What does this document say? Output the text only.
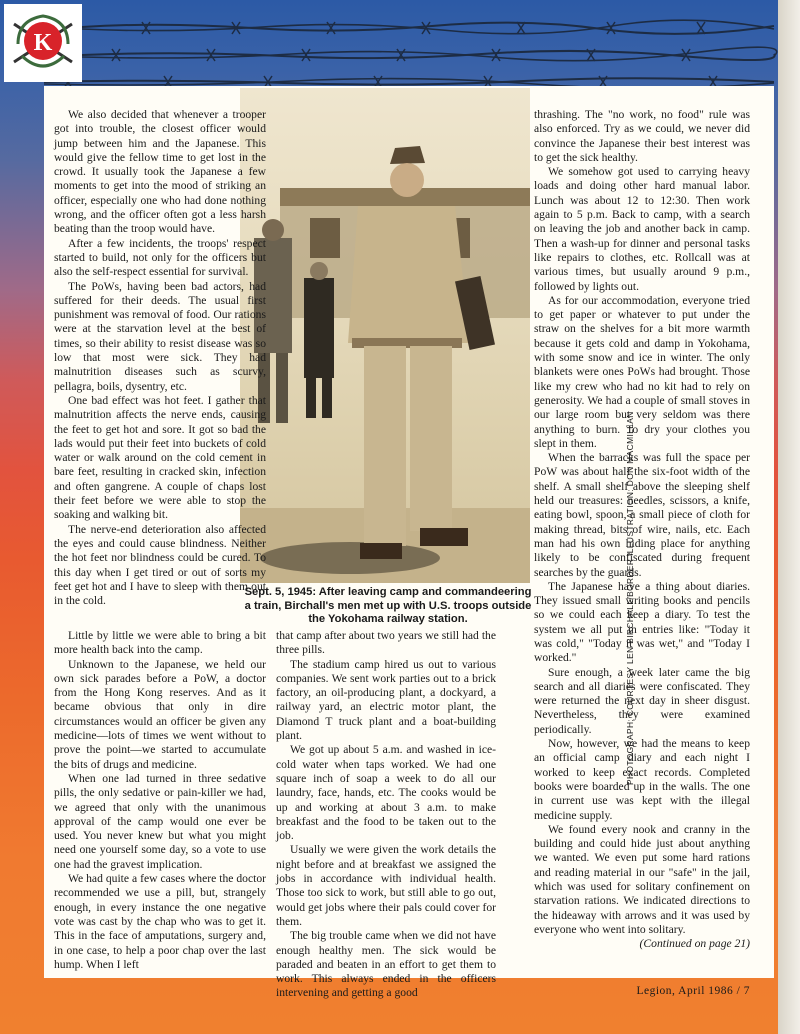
K
Sept. 5, 1945: After leaving camp and commandeering a train, Birchall's men met up with U.S. troops outside the Yokohama railway station.

We also decided that whenever a trooper got into trouble, the closest officer would jump between him and the Japanese. This would give the fellow time to get lost in the crowd. It usually took the Japanese a few moments to get into the mood of striking an officer, especially one who had done nothing wrong, and the officer often got a less harsh beating than the troop would have.

After a few incidents, the troops' respect started to build, not only for the officers but also the self-respect essential for survival.

The PoWs, having been bad actors, had suffered for their deeds. The usual first punishment was removal of food. Our rations were at the starvation level at the best of times, so their ability to resist disease was so low that most were sick. They had malnutrition diseases such as scurvy, pellagra, boils, dysentry, etc.

One bad effect was hot feet. I gather that malnutrition affects the nerve ends, causing the feet to get hot and sore. It got so bad the lads would put their feet into buckets of cold water or walk around on the cold cement in bare feet, resulting in cracked skin, infection and often gangrene. A couple of chaps lost their feet before we were able to stop the soaking and walking bit.

The nerve-end deterioration also affected the eyes and could cause blindness. Neither the hot feet nor blindness could be cured. To this day when I get tired or out of sorts my feet get hot and I have to sleep with them out in the cold.

Little by little we were able to bring a bit more health back into the camp.

Unknown to the Japanese, we held our own sick parades before a PoW, a doctor from the Hong Kong reserves. And as it became obvious that only in dire circumstances would an officer be given any medicine—lots of times we went without to prove the point—we started to accumulate the bits of drugs and medicine.

When one lad turned in three sedative pills, the only sedative or pain-killer we had, we agreed that only with the unanimous approval of the camp would one ever be used. You never knew but what you might need one yourself some day, so a vote to use one had the gravest implication.

We had quite a few cases where the doctor recommended we use a pill, but, strangely enough, in every instance the one negative vote was cast by the chap who was to get it. This in the face of amputations, surgery and, in one case, to help a poor chap over the last hump. When I left

that camp after about two years we still had the three pills.

The stadium camp hired us out to various companies. We sent work parties out to a brick factory, an oil-producing plant, a dockyard, a railway yard, an electric motor plant, the Diamond T truck plant and a boat-building plant.

We got up about 5 a.m. and washed in ice-cold water when taps worked. We had one square inch of soap a week to do all our laundry, face, hands, etc. The cooks would be up and working at about 3 a.m. to make breakfast and the food to be taken out to the job.

Usually we were given the work details the night before and at breakfast we assigned the jobs in accordance with individual health. Those too sick to work, but still able to go out, would get jobs where their pals could cover for them.

The big trouble came when we did not have enough healthy men. The sick would be paraded and beaten in an effort to get them to work. This always ended in the officers intervening and getting a good

thrashing. The "no work, no food" rule was also enforced. Try as we could, we never did convince the Japanese their best interest was to get the sick healthy.

We somehow got used to carrying heavy loads and doing other hard manual labor. Lunch was about 12 to 12:30. Then work again to 5 p.m. Back to camp, with a search on leaving the job and another back in camp. Then a wash-up for dinner and personal tasks like repairs to clothes, etc. Rollcall was at various times, but usually around 9 p.m., followed by lights out.

As for our accommodation, everyone tried to get paper or whatever to put under the straw on the shelves for a bit more warmth because it gets cold and damp in Yokohama, with some snow and ice in winter. The only blankets were ones PoWs had brought. Those like my crew who had no kit had to rely on generosity. We had a couple of small stoves in our large room but very seldom was there anything to burn. To dry your clothes you slept in them.

When the barracks was full the space per PoW was about half the six-foot width of the shelf. A small shelf above the sleeping shelf held our treasures: needles, scissors, a knife, eating bowl, spoon, a small piece of cloth for making thread, bits of wire, nails, etc. Each man had his own hiding place for anything likely to be confiscated during frequent searches by the guards.

The Japanese have a thing about diaries. They issued small writing books and pencils so we could each keep a diary. To test the system we all put in entries like: "Today it was cold," "Today it was wet," and "Today I worked."

Sure enough, a week later came the big search and all diaries were confiscated. They were returned the next day in sheer disgust. Nevertheless, they were examined periodically.

Now, however, we had the means to keep an official camp diary and each night I worked to keep exact records. Completed books were boarded up in the walls. The one in current use was kept with the illegal medicine supply.

We found every nook and cranny in the building and could hide just about anything we wanted. We even put some hard rations and reading material in our "safe" in the jail, which was used for solitary confinement on starvation rations. We indicated directions to the hideaway with arrows and it was used by everyone who went into solitary.

(Continued on page 21)

PHOTOGRAPH: COURTESY LEN BIRCHALL/BORDER ILLUSTRATION: DON MACMILLAN
Legion, April 1986 / 7
